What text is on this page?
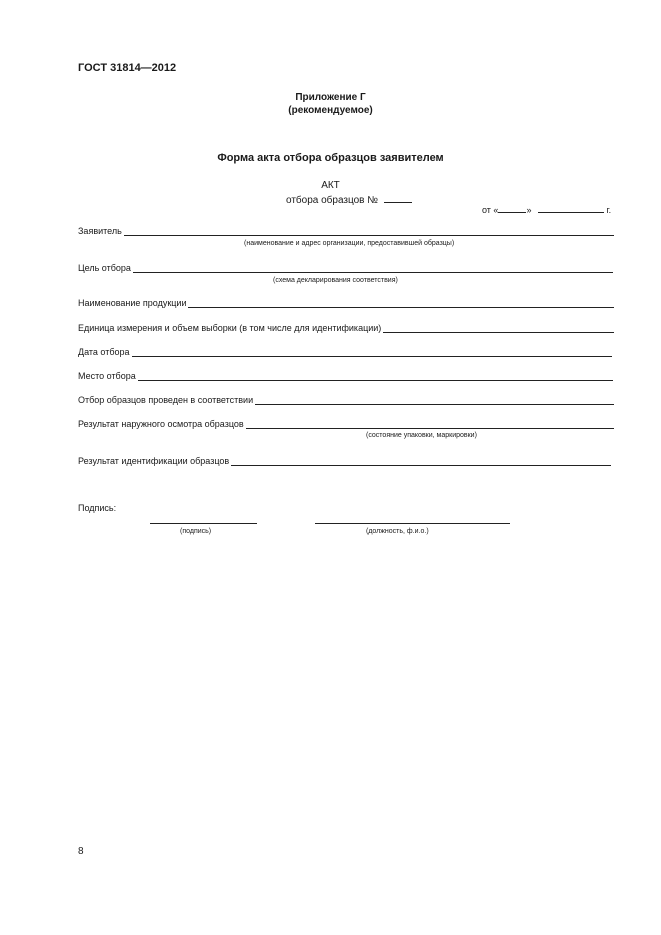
ГОСТ 31814—2012
Приложение Г
(рекомендуемое)
Форма акта отбора образцов заявителем
АКТ
отбора образцов №
от «	»	г.
Заявитель
(наименование и адрес организации, предоставившей образцы)
Цель отбора
(схема декларирования соответствия)
Наименование продукции
Единица измерения и объем выборки (в том числе для идентификации)
Дата отбора
Место отбора
Отбор образцов проведен в соответствии
Результат наружного осмотра образцов
(состояние упаковки, маркировки)
Результат идентификации образцов
Подпись:
(подпись)	(должность, ф.и.о.)
8
